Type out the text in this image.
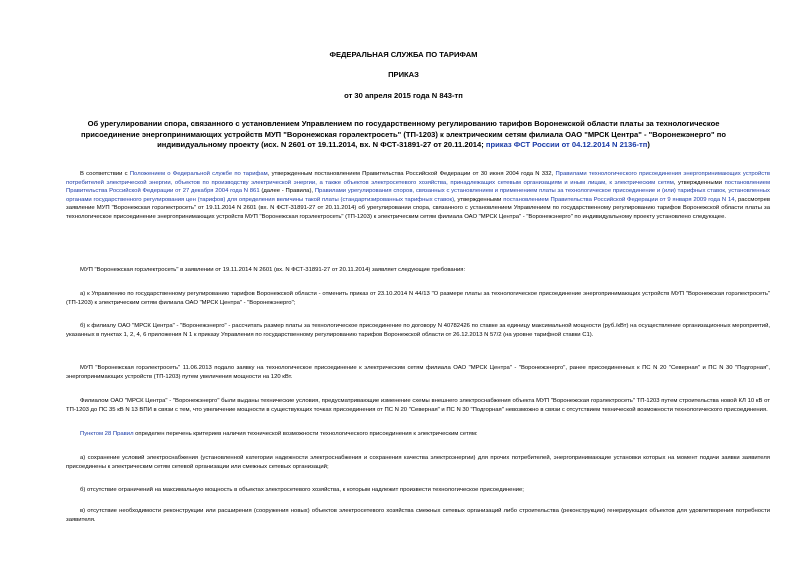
ФЕДЕРАЛЬНАЯ СЛУЖБА ПО ТАРИФАМ
ПРИКАЗ
от 30 апреля 2015 года N 843-тп
Об урегулировании спора, связанного с установлением Управлением по государственному регулированию тарифов Воронежской области платы за технологическое присоединение энергопринимающих устройств МУП "Воронежская горэлектросеть" (ТП-1203) к электрическим сетям филиала ОАО "МРСК Центра" - "Воронежэнерго" по индивидуальному проекту (исх. N 2601 от 19.11.2014, вх. N ФСТ-31891-27 от 20.11.2014; приказ ФСТ России от 04.12.2014 N 2136-тп)
В соответствии с Положением о Федеральной службе по тарифам, утвержденным постановлением Правительства Российской Федерации от 30 июня 2004 года N 332, Правилами технологического присоединения энергопринимающих устройств потребителей электрической энергии, объектов по производству электрической энергии, а также объектов электросетевого хозяйства, принадлежащих сетевым организациям и иным лицам, к электрическим сетям, утвержденными постановлением Правительства Российской Федерации от 27 декабря 2004 года N 861 (далее - Правила), Правилами урегулирования споров, связанных с установлением и применением платы за технологическое присоединение и (или) тарифных ставок, установленных органами государственного регулирования цен (тарифов) для определения величины такой платы (стандартизированных тарифных ставок), утвержденными постановлением Правительства Российской Федерации от 9 января 2009 года N 14, рассмотрев заявление МУП "Воронежская горэлектросеть" от 19.11.2014 N 2601 (вх. N ФСТ-31891-27 от 20.11.2014) об урегулировании спора, связанного с установлением Управлением по государственному регулированию тарифов Воронежской области платы за технологическое присоединение энергопринимающих устройств МУП "Воронежская горэлектросеть" (ТП-1203) к электрическим сетям филиала ОАО "МРСК Центра" - "Воронежэнерго" по индивидуальному проекту установлено следующее.
МУП "Воронежская горэлектросеть" в заявлении от 19.11.2014 N 2601 (вх. N ФСТ-31891-27 от 20.11.2014) заявляет следующие требования:
а) к Управлению по государственному регулированию тарифов Воронежской области - отменить приказ от 23.10.2014 N 44/13 "О размере платы за технологическое присоединение энергопринимающих устройств МУП "Воронежская горэлектросеть" (ТП-1203) к электрическим сетям филиала ОАО "МРСК Центра" - "Воронежэнерго";
б) к филиалу ОАО "МРСК Центра" - "Воронежэнерго" - рассчитать размер платы за технологическое присоединение по договору N 40782426 по ставке за единицу максимальной мощности (руб./кВт) на осуществление организационных мероприятий, указанных в пунктах 1, 2, 4, 6 приложения N 1 к приказу Управления по государственному регулированию тарифов Воронежской области от 26.12.2013 N 57/2 (на уровне тарифной ставки С1).
МУП "Воронежская горэлектросеть" 11.06.2013 подало заявку на технологическое присоединение к электрическим сетям филиала ОАО "МРСК Центра" - "Воронежэнерго", ранее присоединенных к ПС N 20 "Северная" и ПС N 30 "Подгорная", энергопринимающих устройств (ТП-1203) путем увеличения мощности на 120 кВт.
Филиалом ОАО "МРСК Центра" - "Воронежэнерго" были выданы технические условия, предусматривающие изменение схемы внешнего электроснабжения объекта МУП "Воронежская горэлектросеть" ТП-1203 путем строительства новой КЛ 10 кВ от ТП-1203 до ПС 35 кВ N 13 ВПИ в связи с тем, что увеличение мощности в существующих точках присоединения от ПС N 20 "Северная" и ПС N 30 "Подгорная" невозможно в связи с отсутствием технической возможности технологического присоединения.
Пунктом 28 Правил определен перечень критериев наличия технической возможности технологического присоединения к электрическим сетям:
а) сохранение условий электроснабжения (установленной категории надежности электроснабжения и сохранения качества электроэнергии) для прочих потребителей, энергопринимающие установки которых на момент подачи заявки заявителя присоединены к электрическим сетям сетевой организации или смежных сетевых организаций;
б) отсутствие ограничений на максимальную мощность в объектах электросетевого хозяйства, к которым надлежит произвести технологическое присоединение;
в) отсутствие необходимости реконструкции или расширения (сооружения новых) объектов электросетевого хозяйства смежных сетевых организаций либо строительства (реконструкции) генерирующих объектов для удовлетворения потребности заявителя.
